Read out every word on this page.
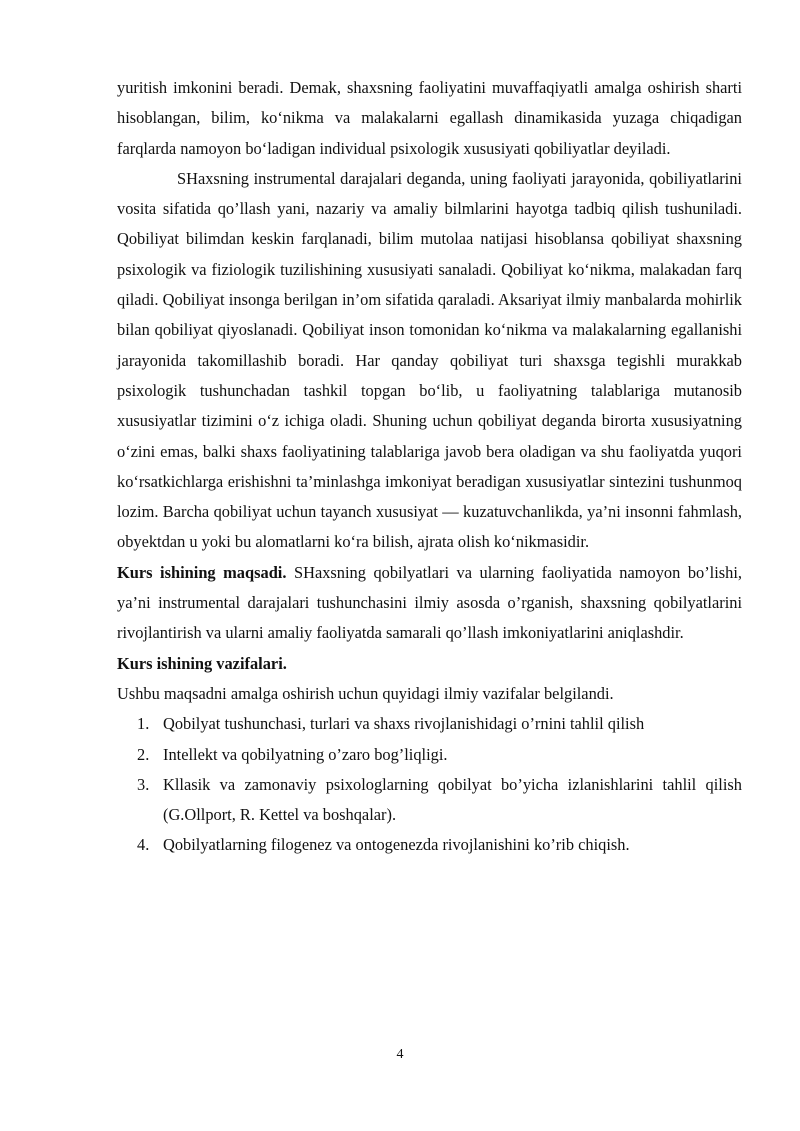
yuritish imkonini beradi. Demak, shaxsning faoliyatini muvaffaqiyatli amalga oshirish sharti hisoblangan, bilim, ko‘nikma va malakalarni egallash dinamikasida yuzaga chiqadigan farqlarda namoyon bo‘ladigan individual psixologik xususiyati qobiliyatlar deyiladi.

SHaxsning instrumental darajalari deganda, uning faoliyati jarayonida, qobiliyatlarini vosita sifatida qo’llash yani, nazariy va amaliy bilmlarini hayotga tadbiq qilish tushuniladi. Qobiliyat bilimdan keskin farqlanadi, bilim mutolaa natijasi hisoblansa qobiliyat shaxsning psixologik va fiziologik tuzilishining xususiyati sanaladi. Qobiliyat ko‘nikma, malakadan farq qiladi. Qobiliyat insonga berilgan in’om sifatida qaraladi. Aksariyat ilmiy manbalarda mohirlik bilan qobiliyat qiyoslanadi. Qobiliyat inson tomonidan ko‘nikma va malakalarning egallanishi jarayonida takomillashib boradi. Har qanday qobiliyat turi shaxsga tegishli murakkab psixologik tushunchadan tashkil topgan bo‘lib, u faoliyatning talablariga mutanosib xususiyatlar tizimini o‘z ichiga oladi. Shuning uchun qobiliyat deganda birorta xususiyatning o‘zini emas, balki shaxs faoliyatining talablariga javob bera oladigan va shu faoliyatda yuqori ko‘rsatkichlarga erishishni ta’minlashga imkoniyat beradigan xususiyatlar sintezini tushunmoq lozim. Barcha qobiliyat uchun tayanch xususiyat — kuzatuvchanlikda, ya’ni insonni fahmlash, obyektdan u yoki bu alomatlarni ko‘ra bilish, ajrata olish ko‘nikmasidir.

Kurs ishining maqsadi. SHaxsning qobilyatlari va ularning faoliyatida namoyon bo’lishi, ya’ni instrumental darajalari tushunchasini ilmiy asosda o’rganish, shaxsning qobilyatlarini rivojlantirish va ularni amaliy faoliyatda samarali qo’llash imkoniyatlarini aniqlashdir.

Kurs ishining vazifalari.

Ushbu maqsadni amalga oshirish uchun quyidagi ilmiy vazifalar belgilandi.

1. Qobilyat tushunchasi, turlari va shaxs rivojlanishidagi o’rnini tahlil qilish
2. Intellekt va qobilyatning o’zaro bog’liqligi.
3. Kllasik va zamonaviy psixologlarning qobilyat bo’yicha izlanishlarini tahlil qilish (G.Ollport, R. Kettel va boshqalar).
4. Qobilyatlarning filogenez va ontogenezda rivojlanishini ko’rib chiqish.
4
